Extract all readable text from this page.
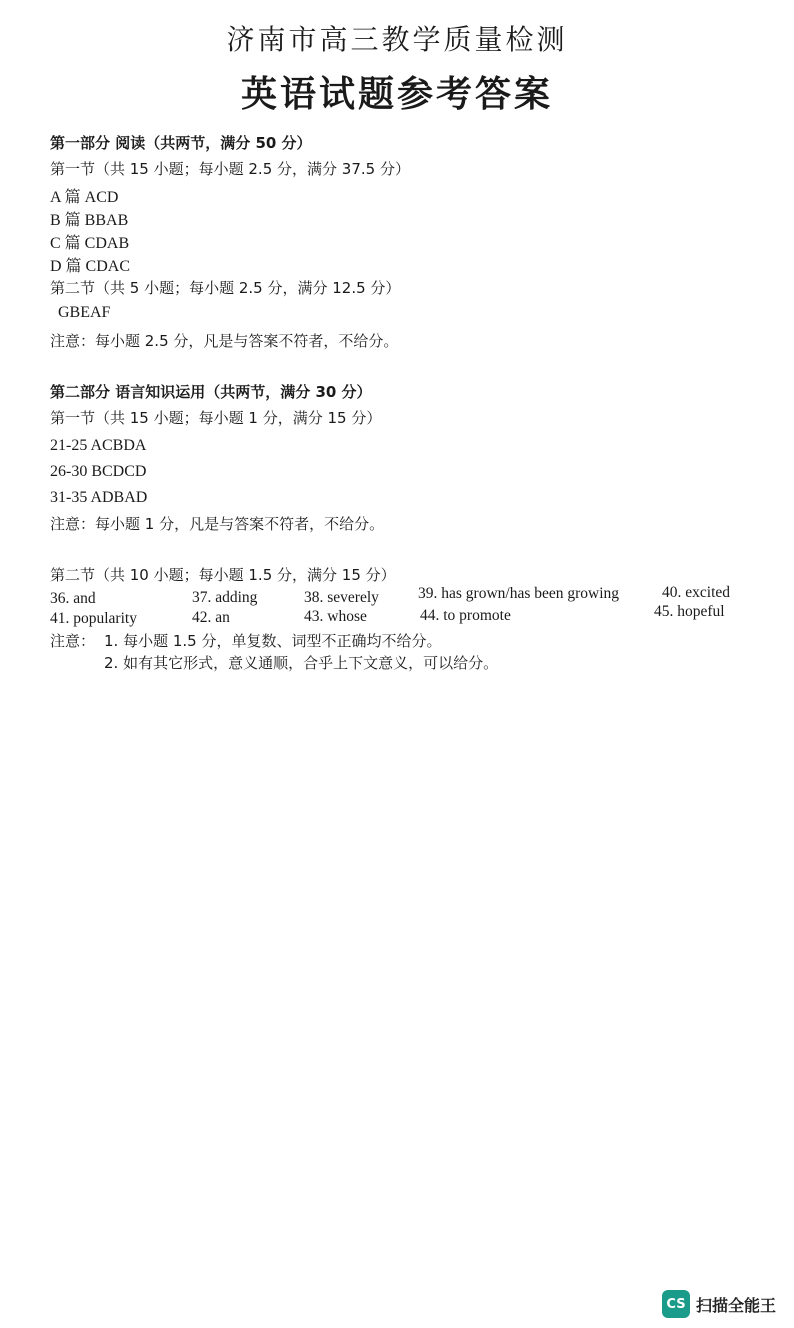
济南市高三教学质量检测
英语试题参考答案
第一部分 阅读（共两节，满分 50 分）
第一节（共 15 小题；每小题 2.5 分，满分 37.5 分）
A 篇 ACD
B 篇 BBAB
C 篇 CDAB
D 篇 CDAC
第二节（共 5 小题；每小题 2.5 分，满分 12.5 分）
GBEAF
注意：每小题 2.5 分，凡是与答案不符者，不给分。
第二部分 语言知识运用（共两节，满分 30 分）
第一节（共 15 小题；每小题 1 分，满分 15 分）
21-25 ACBDA
26-30 BCDCD
31-35 ADBAD
注意：每小题 1 分，凡是与答案不符者，不给分。
第二节（共 10 小题；每小题 1.5 分，满分 15 分）
36. and	37. adding	38. severely	39. has grown/has been growing	40. excited
41. popularity	42. an	43. whose	44. to promote	45. hopeful
注意： 1. 每小题 1.5 分，单复数、词型不正确均不给分。
2. 如有其它形式，意义通顺，合乎上下文意义，可以给分。
CS 扫描全能王
